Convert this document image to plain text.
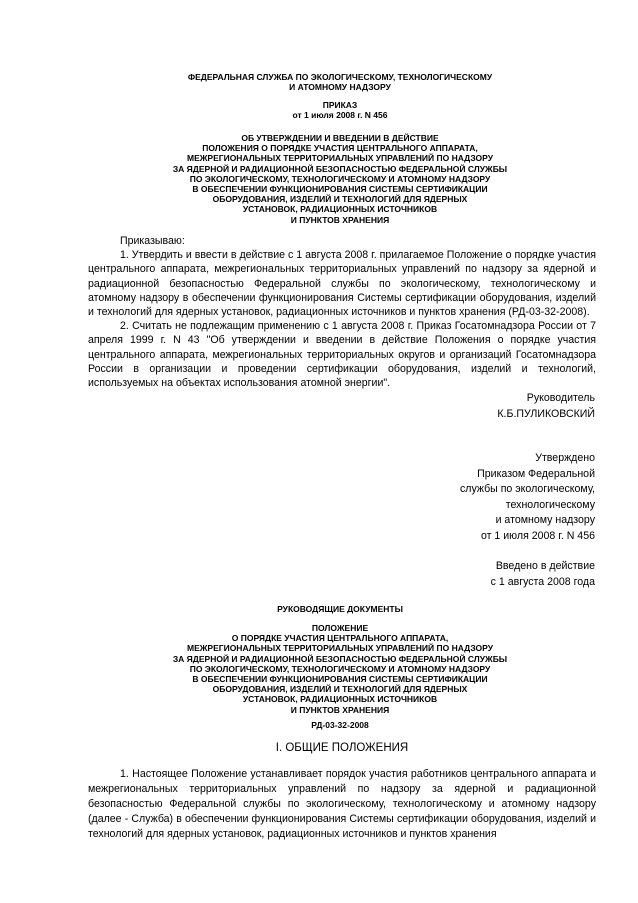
ФЕДЕРАЛЬНАЯ СЛУЖБА ПО ЭКОЛОГИЧЕСКОМУ, ТЕХНОЛОГИЧЕСКОМУ
И АТОМНОМУ НАДЗОРУ
ПРИКАЗ
от 1 июля 2008 г. N 456
ОБ УТВЕРЖДЕНИИ И ВВЕДЕНИИ В ДЕЙСТВИЕ
ПОЛОЖЕНИЯ О ПОРЯДКЕ УЧАСТИЯ ЦЕНТРАЛЬНОГО АППАРАТА,
МЕЖРЕГИОНАЛЬНЫХ ТЕРРИТОРИАЛЬНЫХ УПРАВЛЕНИЙ ПО НАДЗОРУ
ЗА ЯДЕРНОЙ И РАДИАЦИОННОЙ БЕЗОПАСНОСТЬЮ ФЕДЕРАЛЬНОЙ СЛУЖБЫ
ПО ЭКОЛОГИЧЕСКОМУ, ТЕХНОЛОГИЧЕСКОМУ И АТОМНОМУ НАДЗОРУ
В ОБЕСПЕЧЕНИИ ФУНКЦИОНИРОВАНИЯ СИСТЕМЫ СЕРТИФИКАЦИИ
ОБОРУДОВАНИЯ, ИЗДЕЛИЙ И ТЕХНОЛОГИЙ ДЛЯ ЯДЕРНЫХ
УСТАНОВОК, РАДИАЦИОННЫХ ИСТОЧНИКОВ
И ПУНКТОВ ХРАНЕНИЯ
Приказываю:
1. Утвердить и ввести в действие с 1 августа 2008 г. прилагаемое Положение о порядке участия центрального аппарата, межрегиональных территориальных управлений по надзору за ядерной и радиационной безопасностью Федеральной службы по экологическому, технологическому и атомному надзору в обеспечении функционирования Системы сертификации оборудования, изделий и технологий для ядерных установок, радиационных источников и пунктов хранения (РД-03-32-2008).
2. Считать не подлежащим применению с 1 августа 2008 г. Приказ Госатомнадзора России от 7 апреля 1999 г. N 43 "Об утверждении и введении в действие Положения о порядке участия центрального аппарата, межрегиональных территориальных округов и организаций Госатомнадзора России в организации и проведении сертификации оборудования, изделий и технологий, используемых на объектах использования атомной энергии".
Руководитель
К.Б.ПУЛИКОВСКИЙ
Утверждено
Приказом Федеральной
службы по экологическому,
технологическому
и атомному надзору
от 1 июля 2008 г. N 456
Введено в действие
с 1 августа 2008 года
РУКОВОДЯЩИЕ ДОКУМЕНТЫ
ПОЛОЖЕНИЕ
О ПОРЯДКЕ УЧАСТИЯ ЦЕНТРАЛЬНОГО АППАРАТА,
МЕЖРЕГИОНАЛЬНЫХ ТЕРРИТОРИАЛЬНЫХ УПРАВЛЕНИЙ ПО НАДЗОРУ
ЗА ЯДЕРНОЙ И РАДИАЦИОННОЙ БЕЗОПАСНОСТЬЮ ФЕДЕРАЛЬНОЙ СЛУЖБЫ
ПО ЭКОЛОГИЧЕСКОМУ, ТЕХНОЛОГИЧЕСКОМУ И АТОМНОМУ НАДЗОРУ
В ОБЕСПЕЧЕНИИ ФУНКЦИОНИРОВАНИЯ СИСТЕМЫ СЕРТИФИКАЦИИ
ОБОРУДОВАНИЯ, ИЗДЕЛИЙ И ТЕХНОЛОГИЙ ДЛЯ ЯДЕРНЫХ
УСТАНОВОК, РАДИАЦИОННЫХ ИСТОЧНИКОВ
И ПУНКТОВ ХРАНЕНИЯ
РД-03-32-2008
I. ОБЩИЕ ПОЛОЖЕНИЯ
1. Настоящее Положение устанавливает порядок участия работников центрального аппарата и межрегиональных территориальных управлений по надзору за ядерной и радиационной безопасностью Федеральной службы по экологическому, технологическому и атомному надзору (далее - Служба) в обеспечении функционирования Системы сертификации оборудования, изделий и технологий для ядерных установок, радиационных источников и пунктов хранения
